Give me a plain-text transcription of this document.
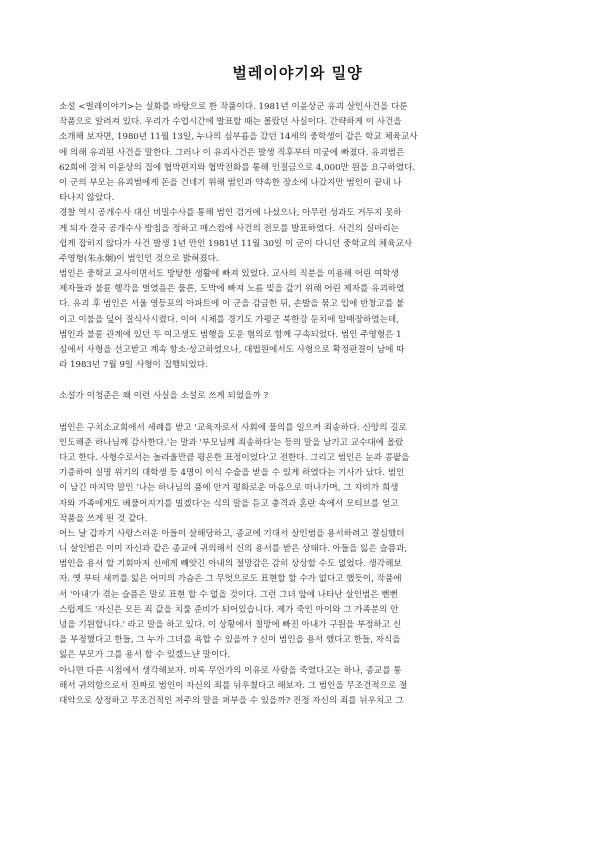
벌레이야기와 밀양
소설 <벌레이야기>는 실화를 바탕으로 한 작품이다. 1981년 이윤상군 유괴 살인사건을 다룬
작품으로 알려져 있다. 우리가 수업시간에 발표할 때는 몰랐던 사실이다. 간략하게 이 사건을
소개해 보자면, 1980년 11월 13일, 누나의 심부름을 갔던 14세의 중학생이 같은 학교 체육교사
에 의해 유괴된 사건을 말한다. 그러나 이 유괴사건은 발생 직후부터 미궁에 빠졌다. 유괴범은
62회에 걸쳐 이윤상의 집에 협박편지와 협박전화를 통해 인질금으로 4,000만 원을 요구하였다.
이 군의 부모는 유괴범에게 돈을 건네기 위해 범인과 약속한 장소에 나갔지만 범인이 끝내 나
타나지 않았다.
경찰 역시 공개수사 대신 비밀수사를 통해 범인 검거에 나섰으나, 아무런 성과도 거두지 못하
게 되자 결국 공개수사 방침을 정하고 매스컴에 사건의 전모를 발표하였다. 사건의 실마리는
쉽게 잡히지 않다가 사건 발생 1년 만인 1981년 11월 30일 이 군이 다니던 중학교의 체육교사
주영형(朱永炯)이 범인인 것으로 밝혀졌다.
범인은 중학교 교사이면서도 방탕한 생활에 빠져 있었다. 교사의 직분을 이용해 어린 여학생
제자들과 불륜 행각을 벌였음은 물론, 도박에 빠져 노름 빚을 갚기 위해 어린 제자를 유괴하였
다. 유괴 후 범인은 서울 영등포의 아파트에 이 군을 감금한 뒤, 손발을 묶고 입에 반창고를 붙
이고 이불을 덮어 질식사시켰다. 이어 시체를 경기도 가평군 북한강 둔치에 암매장하였는데,
범인과 불륜 관계에 있던 두 여고생도 범행을 도운 혐의로 함께 구속되었다. 범인 주영형은 1
심에서 사형을 선고받고 계속 항소·상고하였으나, 대법원에서도 사형으로 확정판결이 남에 따
라 1983년 7월 9일 사형이 집행되었다.
소설가 이청준은 왜 이런 사실을 소설로 쓰게 되었을까 ?
범인은 구치소교회에서 세례를 받고 '교육자로서 사회에 물의를 일으켜 죄송하다. 신앙의 길로
인도해준 하나님께 감사한다.'는 말과 '부모님께 죄송하다'는 등의 말을 남기고 교수대에 올랐
다고 한다. 사형수로서는 놀라울만큼 평온한 표정이었다'고 전한다. 그리고 범인은 눈과 콩팥을
기증하여 실명 위기의 대학생 등 4명이 이식 수술을 받을 수 있게 하였다는 기사가 났다. 범인
이 남긴 마지막 말인 '나는 하나님의 품에 안겨 평화로운 마음으로 떠나가며, 그 자비가 희생
자와 가족에게도 베풀어지기를 빌겠다'는 식의 말을 듣고 충격과 혼란 속에서 모티브를 얻고
작품을 쓰게 된 것 같다.
어느 날 갑자기 사랑스러운 아들이 살해당하고, 종교에 기대서 살인범을 용서하려고 결심했더
니 살인범은 이미 자신과 같은 종교에 귀의해서 신의 용서를 받은 상태다. 아들을 잃은 슬픔과,
범인을 용서 할 기회마저 신에게 빼앗긴 아내의 절망감은 감히 상상할 수도 없었다. 생각해보
자. 옛 부터 새끼를 잃은 어미의 가슴은 그 무엇으로도 표현할 할 수가 없다고 했듯이, 작품에
서 '아내'가 겪는 슬픔은 말로 표현 할 수 없을 것이다. 그런 그녀 앞에 나타난 살인범은 뻔뻔
스럽게도 '자신은 모든 죄 값을 치룰 준비가 되어있습니다. 제가 죽인 아이와 그 가족분의 안
녕을 기원합니다.' 라고 말을 하고 있다. 이 상황에서 절망에 빠진 아내가 구원을 부정하고 신
을 부정했다고 한들, 그 누가 그녀를 욕할 수 있을까 ? 신이 범인을 용서 했다고 한들, 자식을
잃은 부모가 그를 용서 할 수 있겠느냔 말이다.
아니면 다른 시점에서 생각해보자. 비록 무언가의 이유로 사람을 죽였다고는 하나, 종교를 통
해서 귀의함으로서 진짜로 범인이 자신의 죄를 뉘우쳤다고 해보자. 그 범인을 무조건적으로 절
대악으로 상정하고 무조건적인 저주의 말을 퍼부을 수 있을까? 진정 자신의 죄를 뉘우치고 그
